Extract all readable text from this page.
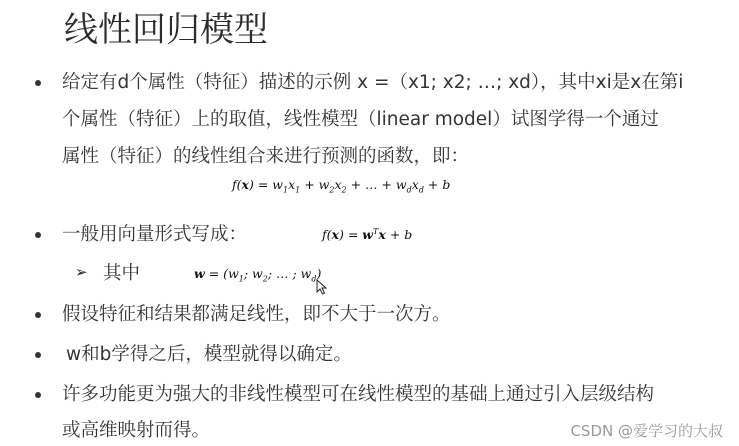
线性回归模型
给定有d个属性（特征）描述的示例 x =（x1; x2; …; xd），其中xi是x在第i
个属性（特征）上的取值，线性模型（linear model）试图学得一个通过
属性（特征）的线性组合来进行预测的函数，即：
$f(x) = w_1x_1 + w_2x_2$ + … + $w_dx_d + b$
一般用向量形式写成：	$f(x) = w^Tx + b$
➢ 其中	$w = (w_1$; $w_2$; … ; $w_d$)
假设特征和结果都满足线性，即不大于一次方。
w和b学得之后，模型就得以确定。
许多功能更为强大的非线性模型可在线性模型的基础上通过引入层级结构
或高维映射而得。	CSDN @爱学习的大叔
